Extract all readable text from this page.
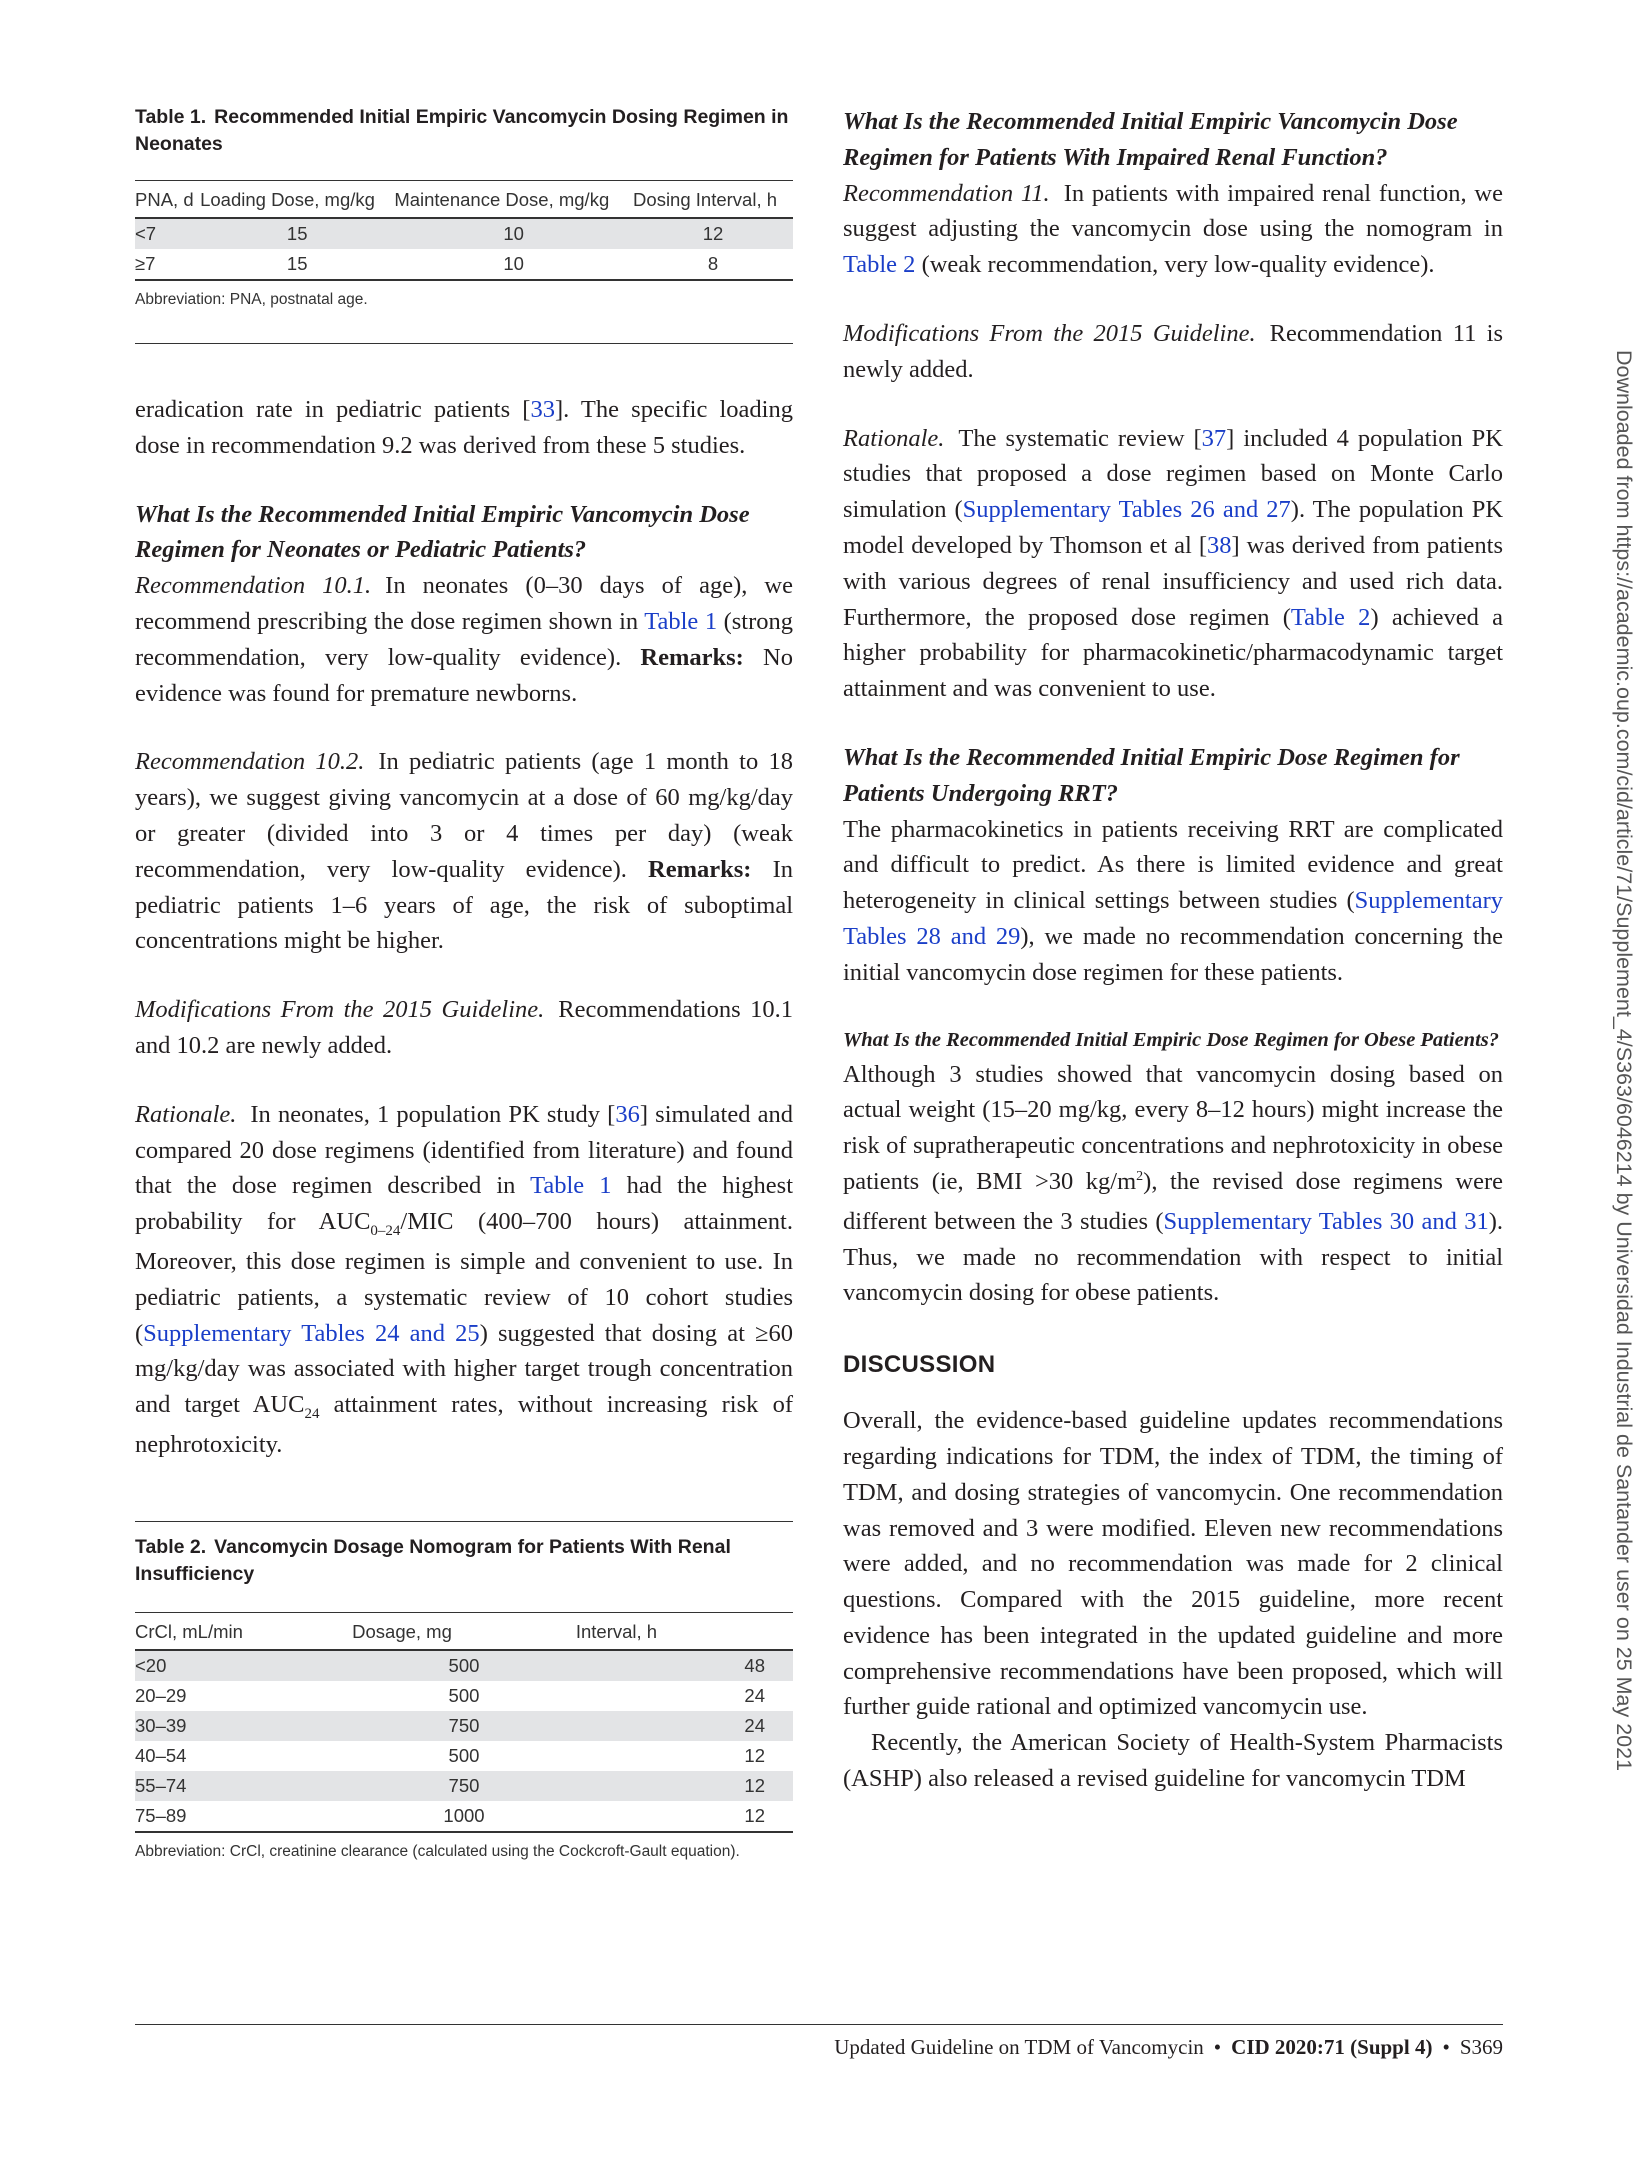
Table 1. Recommended Initial Empiric Vancomycin Dosing Regimen in Neonates
PNA, d	Loading Dose, mg/kg	Maintenance Dose, mg/kg	Dosing Interval, h
<7	15	10	12
≥7	15	10	8
Abbreviation: PNA, postnatal age.

eradication rate in pediatric patients [33]. The specific loading dose in recommendation 9.2 was derived from these 5 studies.

What Is the Recommended Initial Empiric Vancomycin Dose Regimen for Neonates or Pediatric Patients?

Recommendation 10.1. In neonates (0–30 days of age), we recommend prescribing the dose regimen shown in Table 1 (strong recommendation, very low-quality evidence). Remarks: No evidence was found for premature newborns.

Recommendation 10.2. In pediatric patients (age 1 month to 18 years), we suggest giving vancomycin at a dose of 60 mg/kg/day or greater (divided into 3 or 4 times per day) (weak recommendation, very low-quality evidence). Remarks: In pediatric patients 1–6 years of age, the risk of suboptimal concentrations might be higher.

Modifications From the 2015 Guideline. Recommendations 10.1 and 10.2 are newly added.

Rationale. In neonates, 1 population PK study [36] simulated and compared 20 dose regimens (identified from literature) and found that the dose regimen described in Table 1 had the highest probability for $AUC_{0-24}$/MIC (400–700 hours) attainment. Moreover, this dose regimen is simple and convenient to use. In pediatric patients, a systematic review of 10 cohort studies (Supplementary Tables 24 and 25) suggested that dosing at ≥60 mg/kg/day was associated with higher target trough concentration and target $AUC_{24}$ attainment rates, without increasing risk of nephrotoxicity.

Table 2. Vancomycin Dosage Nomogram for Patients With Renal Insufficiency
CrCl, mL/min	Dosage, mg	Interval, h
<20	500	48
20–29	500	24
30–39	750	24
40–54	500	12
55–74	750	12
75–89	1000	12
Abbreviation: CrCl, creatinine clearance (calculated using the Cockcroft-Gault equation).
What Is the Recommended Initial Empiric Vancomycin Dose Regimen for Patients With Impaired Renal Function?

Recommendation 11. In patients with impaired renal function, we suggest adjusting the vancomycin dose using the nomogram in Table 2 (weak recommendation, very low-quality evidence).

Modifications From the 2015 Guideline. Recommendation 11 is newly added.

Rationale. The systematic review [37] included 4 population PK studies that proposed a dose regimen based on Monte Carlo simulation (Supplementary Tables 26 and 27). The population PK model developed by Thomson et al [38] was derived from patients with various degrees of renal insufficiency and used rich data. Furthermore, the proposed dose regimen (Table 2) achieved a higher probability for pharmacokinetic/pharmacodynamic target attainment and was convenient to use.

What Is the Recommended Initial Empiric Dose Regimen for Patients Undergoing RRT?

The pharmacokinetics in patients receiving RRT are complicated and difficult to predict. As there is limited evidence and great heterogeneity in clinical settings between studies (Supplementary Tables 28 and 29), we made no recommendation concerning the initial vancomycin dose regimen for these patients.

What Is the Recommended Initial Empiric Dose Regimen for Obese Patients?

Although 3 studies showed that vancomycin dosing based on actual weight (15–20 mg/kg, every 8–12 hours) might increase the risk of supratherapeutic concentrations and nephrotoxicity in obese patients (ie, BMI >30 $kg/m^2$), the revised dose regimens were different between the 3 studies (Supplementary Tables 30 and 31). Thus, we made no recommendation with respect to initial vancomycin dosing for obese patients.

DISCUSSION

Overall, the evidence-based guideline updates recommendations regarding indications for TDM, the index of TDM, the timing of TDM, and dosing strategies of vancomycin. One recommendation was removed and 3 were modified. Eleven new recommendations were added, and no recommendation was made for 2 clinical questions. Compared with the 2015 guideline, more recent evidence has been integrated in the updated guideline and more comprehensive recommendations have been proposed, which will further guide rational and optimized vancomycin use.

Recently, the American Society of Health-System Pharmacists (ASHP) also released a revised guideline for vancomycin TDM

Downloaded from https://academic.oup.com/cid/article/71/Supplement_4/S363/6046214 by Universidad Industrial de Santander user on 25 May 2021
Updated Guideline on TDM of Vancomycin • CID 2020:71 (Suppl 4) • S369
